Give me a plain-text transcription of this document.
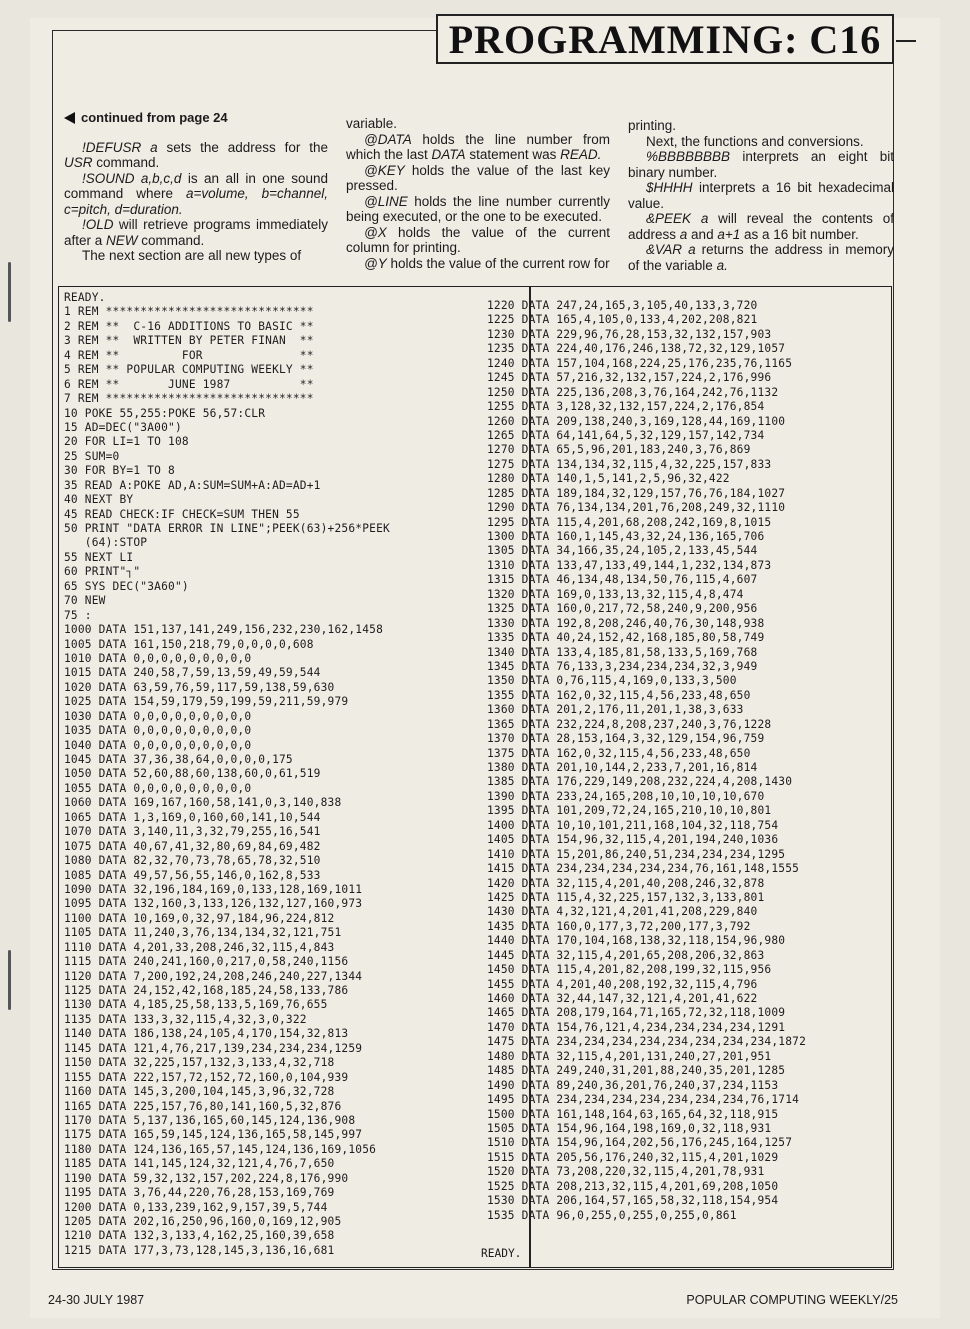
PROGRAMMING: C16

continued from page 24

!DEFUSR a sets the address for the USR command.

!SOUND a,b,c,d is an all in one sound command where a=volume, b=channel, c=pitch, d=duration.

!OLD will retrieve programs immediately after a NEW command.

The next section are all new types of

variable.

@DATA holds the line number from which the last DATA statement was READ.

@KEY holds the value of the last key pressed.

@LINE holds the line number currently being executed, or the one to be executed.

@X holds the value of the current column for printing.

@Y holds the value of the current row for

printing.

Next, the functions and conversions.

%BBBBBBBB interprets an eight bit binary number.

$HHHH interprets a 16 bit hexadecimal value.

&PEEK a will reveal the contents of address a and a+1 as a 16 bit number.

&VAR a returns the address in memory of the variable a.

READY.
1 REM ******************************
2 REM **  C-16 ADDITIONS TO BASIC **
3 REM **  WRITTEN BY PETER FINAN  **
4 REM **         FOR              **
5 REM ** POPULAR COMPUTING WEEKLY **
6 REM **       JUNE 1987          **
7 REM ******************************
10 POKE 55,255:POKE 56,57:CLR
15 AD=DEC("3A00")
20 FOR LI=1 TO 108
25 SUM=0
30 FOR BY=1 TO 8
35 READ A:POKE AD,A:SUM=SUM+A:AD=AD+1
40 NEXT BY
45 READ CHECK:IF CHECK=SUM THEN 55
50 PRINT "DATA ERROR IN LINE";PEEK(63)+256*PEEK
(64):STOP
55 NEXT LI
60 PRINT"┐"
65 SYS DEC("3A60")
70 NEW
75 :
1000 DATA 151,137,141,249,156,232,230,162,1458
1005 DATA 161,150,218,79,0,0,0,0,608
1010 DATA 0,0,0,0,0,0,0,0,0
1015 DATA 240,58,7,59,13,59,49,59,544
1020 DATA 63,59,76,59,117,59,138,59,630
1025 DATA 154,59,179,59,199,59,211,59,979
1030 DATA 0,0,0,0,0,0,0,0,0
1035 DATA 0,0,0,0,0,0,0,0,0
1040 DATA 0,0,0,0,0,0,0,0,0
1045 DATA 37,36,38,64,0,0,0,0,175
1050 DATA 52,60,88,60,138,60,0,61,519
1055 DATA 0,0,0,0,0,0,0,0,0
1060 DATA 169,167,160,58,141,0,3,140,838
1065 DATA 1,3,169,0,160,60,141,10,544
1070 DATA 3,140,11,3,32,79,255,16,541
1075 DATA 40,67,41,32,80,69,84,69,482
1080 DATA 82,32,70,73,78,65,78,32,510
1085 DATA 49,57,56,55,146,0,162,8,533
1090 DATA 32,196,184,169,0,133,128,169,1011
1095 DATA 132,160,3,133,126,132,127,160,973
1100 DATA 10,169,0,32,97,184,96,224,812
1105 DATA 11,240,3,76,134,134,32,121,751
1110 DATA 4,201,33,208,246,32,115,4,843
1115 DATA 240,241,160,0,217,0,58,240,1156
1120 DATA 7,200,192,24,208,246,240,227,1344
1125 DATA 24,152,42,168,185,24,58,133,786
1130 DATA 4,185,25,58,133,5,169,76,655
1135 DATA 133,3,32,115,4,32,3,0,322
1140 DATA 186,138,24,105,4,170,154,32,813
1145 DATA 121,4,76,217,139,234,234,234,1259
1150 DATA 32,225,157,132,3,133,4,32,718
1155 DATA 222,157,72,152,72,160,0,104,939
1160 DATA 145,3,200,104,145,3,96,32,728
1165 DATA 225,157,76,80,141,160,5,32,876
1170 DATA 5,137,136,165,60,145,124,136,908
1175 DATA 165,59,145,124,136,165,58,145,997
1180 DATA 124,136,165,57,145,124,136,169,1056
1185 DATA 141,145,124,32,121,4,76,7,650
1190 DATA 59,32,132,157,202,224,8,176,990
1195 DATA 3,76,44,220,76,28,153,169,769
1200 DATA 0,133,239,162,9,157,39,5,744
1205 DATA 202,16,250,96,160,0,169,12,905
1210 DATA 132,3,133,4,162,25,160,39,658
1215 DATA 177,3,73,128,145,3,136,16,681
1220 DATA 247,24,165,3,105,40,133,3,720
1225 DATA 165,4,105,0,133,4,202,208,821
1230 DATA 229,96,76,28,153,32,132,157,903
1235 DATA 224,40,176,246,138,72,32,129,1057
1240 DATA 157,104,168,224,25,176,235,76,1165
1245 DATA 57,216,32,132,157,224,2,176,996
1250 DATA 225,136,208,3,76,164,242,76,1132
1255 DATA 3,128,32,132,157,224,2,176,854
1260 DATA 209,138,240,3,169,128,44,169,1100
1265 DATA 64,141,64,5,32,129,157,142,734
1270 DATA 65,5,96,201,183,240,3,76,869
1275 DATA 134,134,32,115,4,32,225,157,833
1280 DATA 140,1,5,141,2,5,96,32,422
1285 DATA 189,184,32,129,157,76,76,184,1027
1290 DATA 76,134,134,201,76,208,249,32,1110
1295 DATA 115,4,201,68,208,242,169,8,1015
1300 DATA 160,1,145,43,32,24,136,165,706
1305 DATA 34,166,35,24,105,2,133,45,544
1310 DATA 133,47,133,49,144,1,232,134,873
1315 DATA 46,134,48,134,50,76,115,4,607
1320 DATA 169,0,133,13,32,115,4,8,474
1325 DATA 160,0,217,72,58,240,9,200,956
1330 DATA 192,8,208,246,40,76,30,148,938
1335 DATA 40,24,152,42,168,185,80,58,749
1340 DATA 133,4,185,81,58,133,5,169,768
1345 DATA 76,133,3,234,234,234,32,3,949
1350 DATA 0,76,115,4,169,0,133,3,500
1355 DATA 162,0,32,115,4,56,233,48,650
1360 DATA 201,2,176,11,201,1,38,3,633
1365 DATA 232,224,8,208,237,240,3,76,1228
1370 DATA 28,153,164,3,32,129,154,96,759
1375 DATA 162,0,32,115,4,56,233,48,650
1380 DATA 201,10,144,2,233,7,201,16,814
1385 DATA 176,229,149,208,232,224,4,208,1430
1390 DATA 233,24,165,208,10,10,10,10,670
1395 DATA 101,209,72,24,165,210,10,10,801
1400 DATA 10,10,101,211,168,104,32,118,754
1405 DATA 154,96,32,115,4,201,194,240,1036
1410 DATA 15,201,86,240,51,234,234,234,1295
1415 DATA 234,234,234,234,234,76,161,148,1555
1420 DATA 32,115,4,201,40,208,246,32,878
1425 DATA 115,4,32,225,157,132,3,133,801
1430 DATA 4,32,121,4,201,41,208,229,840
1435 DATA 160,0,177,3,72,200,177,3,792
1440 DATA 170,104,168,138,32,118,154,96,980
1445 DATA 32,115,4,201,65,208,206,32,863
1450 DATA 115,4,201,82,208,199,32,115,956
1455 DATA 4,201,40,208,192,32,115,4,796
1460 DATA 32,44,147,32,121,4,201,41,622
1465 DATA 208,179,164,71,165,72,32,118,1009
1470 DATA 154,76,121,4,234,234,234,234,1291
1475 DATA 234,234,234,234,234,234,234,234,1872
1480 DATA 32,115,4,201,131,240,27,201,951
1485 DATA 249,240,31,201,88,240,35,201,1285
1490 DATA 89,240,36,201,76,240,37,234,1153
1495 DATA 234,234,234,234,234,234,234,76,1714
1500 DATA 161,148,164,63,165,64,32,118,915
1505 DATA 154,96,164,198,169,0,32,118,931
1510 DATA 154,96,164,202,56,176,245,164,1257
1515 DATA 205,56,176,240,32,115,4,201,1029
1520 DATA 73,208,220,32,115,4,201,78,931
1525 DATA 208,213,32,115,4,201,69,208,1050
1530 DATA 206,164,57,165,58,32,118,154,954
1535 DATA 96,0,255,0,255,0,255,0,861
READY.
24-30 JULY 1987	POPULAR COMPUTING WEEKLY/25
